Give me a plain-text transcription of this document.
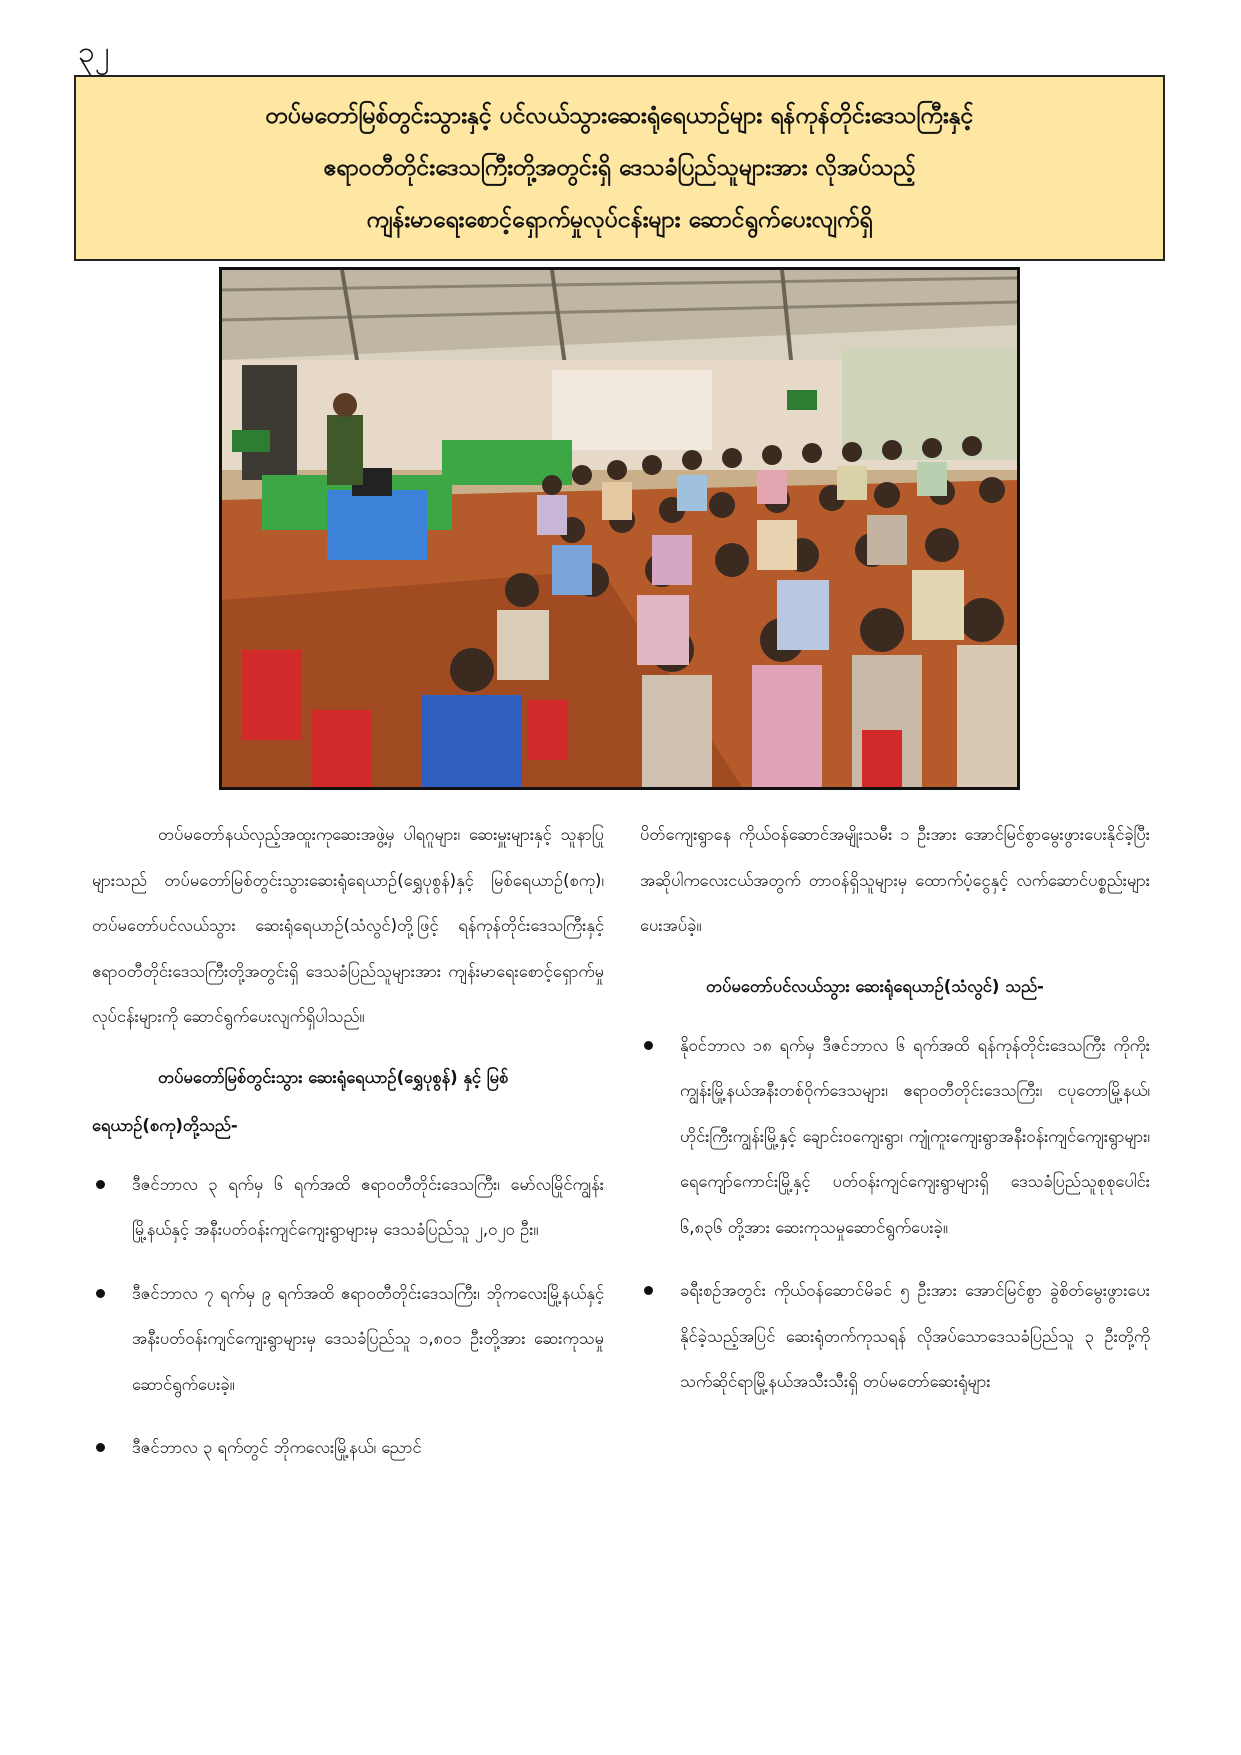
၃၂
တပ်မတော်မြစ်တွင်းသွားနှင့် ပင်လယ်သွားဆေးရုံရေယာဉ်များ ရန်ကုန်တိုင်းဒေသကြီးနှင့်
ဧရာဝတီတိုင်းဒေသကြီးတို့အတွင်းရှိ ဒေသခံပြည်သူများအား လိုအပ်သည့်
ကျန်းမာရေးစောင့်ရှောက်မှုလုပ်ငန်းများ ဆောင်ရွက်ပေးလျက်ရှိ

တပ်မတော်နယ်လှည့်အထူးကုဆေးအဖွဲ့မှ ပါရဂူများ၊ ဆေးမှူးများနှင့် သူနာပြုများသည် တပ်မတော်မြစ်တွင်းသွားဆေးရုံရေယာဉ်(ရွှေပုစွန်)နှင့် မြစ်ရေယာဉ်(စကု)၊ တပ်မတော်ပင်လယ်သွား ဆေးရုံရေယာဉ်(သံလွင်)တို့ဖြင့် ရန်ကုန်တိုင်းဒေသကြီးနှင့် ဧရာဝတီတိုင်းဒေသကြီးတို့အတွင်းရှိ ဒေသခံပြည်သူများအား ကျန်းမာရေးစောင့်ရှောက်မှုလုပ်ငန်းများကို ဆောင်ရွက်ပေးလျက်ရှိပါသည်။

တပ်မတော်မြစ်တွင်းသွား ဆေးရုံရေယာဉ်(ရွှေပုစွန်) နှင့် မြစ်ရေယာဉ်(စကု)တို့သည်-
ဒီဇင်ဘာလ ၃ ရက်မှ ၆ ရက်အထိ ဧရာဝတီတိုင်းဒေသကြီး၊ မော်လမြိုင်ကျွန်းမြို့နယ်နှင့် အနီးပတ်ဝန်းကျင်ကျေးရွာများမှ ဒေသခံပြည်သူ ၂,၀၂၀ ဦး။
ဒီဇင်ဘာလ ၇ ရက်မှ ၉ ရက်အထိ ဧရာဝတီတိုင်းဒေသကြီး၊ ဘိုကလေးမြို့နယ်နှင့် အနီးပတ်ဝန်းကျင်ကျေးရွာများမှ ဒေသခံပြည်သူ ၁,၈၀၁ ဦးတို့အား ဆေးကုသမှုဆောင်ရွက်ပေးခဲ့။
ဒီဇင်ဘာလ ၃ ရက်တွင် ဘိုကလေးမြို့နယ်၊ ညောင်

ပိတ်ကျေးရွာနေ ကိုယ်ဝန်ဆောင်အမျိုးသမီး ၁ ဦးအား အောင်မြင်စွာမွေးဖွားပေးနိုင်ခဲ့ပြီး အဆိုပါကလေးငယ်အတွက် တာဝန်ရှိသူများမှ ထောက်ပံ့ငွေနှင့် လက်ဆောင်ပစ္စည်းများ ပေးအပ်ခဲ့။

တပ်မတော်ပင်လယ်သွား ဆေးရုံရေယာဉ်(သံလွင်) သည်-
နိုဝင်ဘာလ ၁၈ ရက်မှ ဒီဇင်ဘာလ ၆ ရက်အထိ ရန်ကုန်တိုင်းဒေသကြီး ကိုကိုးကျွန်းမြို့နယ်အနီးတစ်ဝိုက်ဒေသများ၊ ဧရာဝတီတိုင်းဒေသကြီး၊ ငပုတောမြို့နယ်၊ ဟိုင်းကြီးကျွန်းမြို့နှင့် ချောင်းဝကျေးရွာ၊ ကျုံကူးကျေးရွာအနီးဝန်းကျင်ကျေးရွာများ၊ ရေကျော်ကောင်းမြို့နှင့် ပတ်ဝန်းကျင်ကျေးရွာများရှိ ဒေသခံပြည်သူစုစုပေါင်း ၆,၈၃၆ တို့အား ဆေးကုသမှုဆောင်ရွက်ပေးခဲ့။
ခရီးစဉ်အတွင်း ကိုယ်ဝန်ဆောင်မိခင် ၅ ဦးအား အောင်မြင်စွာ ခွဲစိတ်မွေးဖွားပေးနိုင်ခဲ့သည့်အပြင် ဆေးရုံတက်ကုသရန် လိုအပ်သောဒေသခံပြည်သူ ၃ ဦးတို့ကို သက်ဆိုင်ရာမြို့နယ်အသီးသီးရှိ တပ်မတော်ဆေးရုံများ
